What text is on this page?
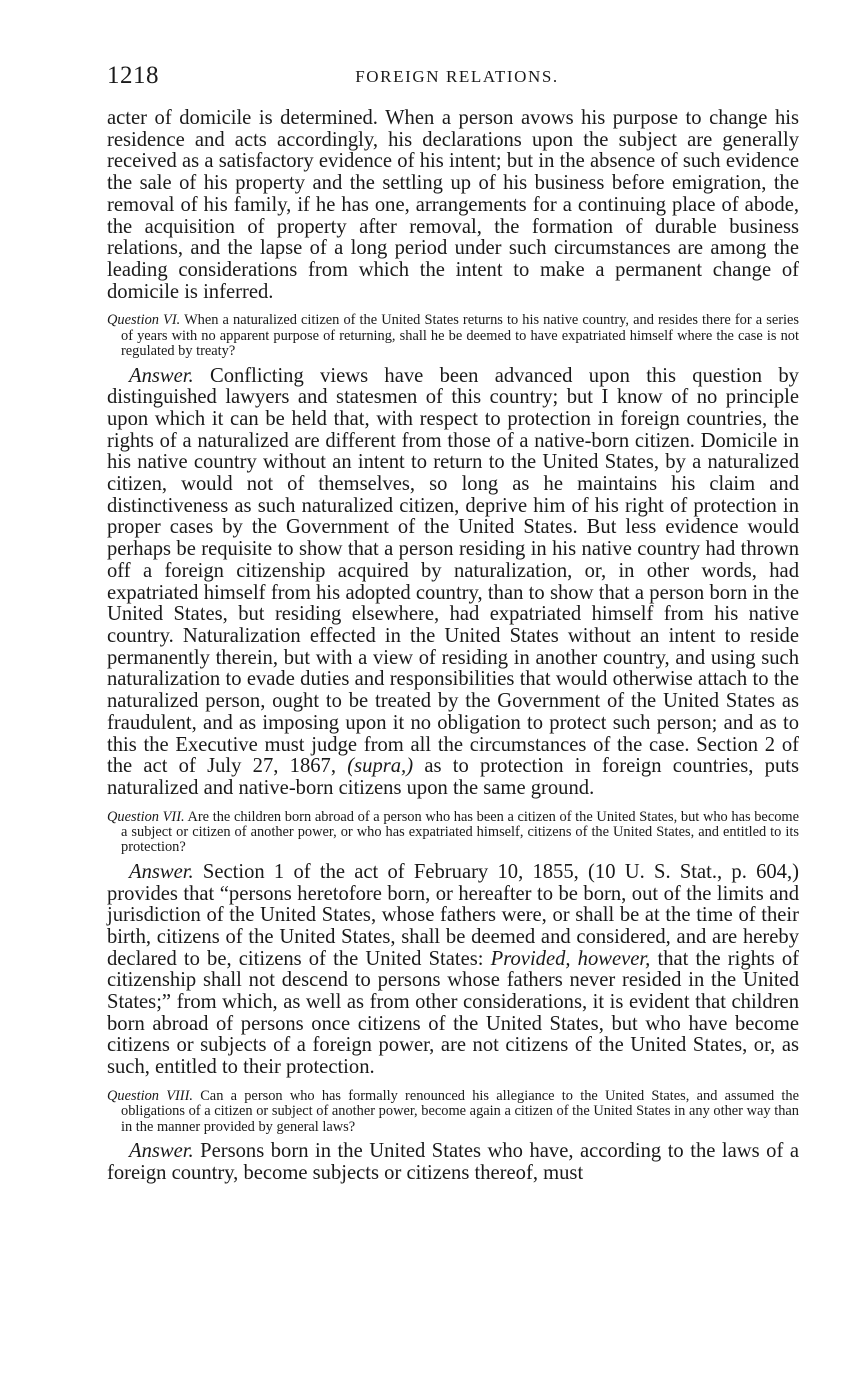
1218	FOREIGN RELATIONS.

acter of domicile is determined. When a person avows his purpose to change his residence and acts accordingly, his declarations upon the subject are generally received as a satisfactory evidence of his intent; but in the absence of such evidence the sale of his property and the settling up of his business before emigration, the removal of his family, if he has one, arrangements for a continuing place of abode, the acquisition of property after removal, the formation of durable business relations, and the lapse of a long period under such circumstances are among the leading considerations from which the intent to make a permanent change of domicile is inferred.

Question VI. When a naturalized citizen of the United States returns to his native country, and resides there for a series of years with no apparent purpose of returning, shall he be deemed to have expatriated himself where the case is not regulated by treaty?

Answer. Conflicting views have been advanced upon this question by distinguished lawyers and statesmen of this country; but I know of no principle upon which it can be held that, with respect to protection in foreign countries, the rights of a naturalized are different from those of a native-born citizen. Domicile in his native country without an intent to return to the United States, by a naturalized citizen, would not of themselves, so long as he maintains his claim and distinctiveness as such naturalized citizen, deprive him of his right of protection in proper cases by the Government of the United States. But less evidence would perhaps be requisite to show that a person residing in his native country had thrown off a foreign citizenship acquired by naturalization, or, in other words, had expatriated himself from his adopted country, than to show that a person born in the United States, but residing elsewhere, had expatriated himself from his native country. Naturalization effected in the United States without an intent to reside permanently therein, but with a view of residing in another country, and using such naturalization to evade duties and responsibilities that would otherwise attach to the naturalized person, ought to be treated by the Government of the United States as fraudulent, and as imposing upon it no obligation to protect such person; and as to this the Executive must judge from all the circumstances of the case. Section 2 of the act of July 27, 1867, (supra,) as to protection in foreign countries, puts naturalized and native-born citizens upon the same ground.

Question VII. Are the children born abroad of a person who has been a citizen of the United States, but who has become a subject or citizen of another power, or who has expatriated himself, citizens of the United States, and entitled to its protection?

Answer. Section 1 of the act of February 10, 1855, (10 U. S. Stat., p. 604,) provides that “persons heretofore born, or hereafter to be born, out of the limits and jurisdiction of the United States, whose fathers were, or shall be at the time of their birth, citizens of the United States, shall be deemed and considered, and are hereby declared to be, citizens of the United States: Provided, however, that the rights of citizenship shall not descend to persons whose fathers never resided in the United States;” from which, as well as from other considerations, it is evident that children born abroad of persons once citizens of the United States, but who have become citizens or subjects of a foreign power, are not citizens of the United States, or, as such, entitled to their protection.

Question VIII. Can a person who has formally renounced his allegiance to the United States, and assumed the obligations of a citizen or subject of another power, become again a citizen of the United States in any other way than in the manner provided by general laws?

Answer. Persons born in the United States who have, according to the laws of a foreign country, become subjects or citizens thereof, must
